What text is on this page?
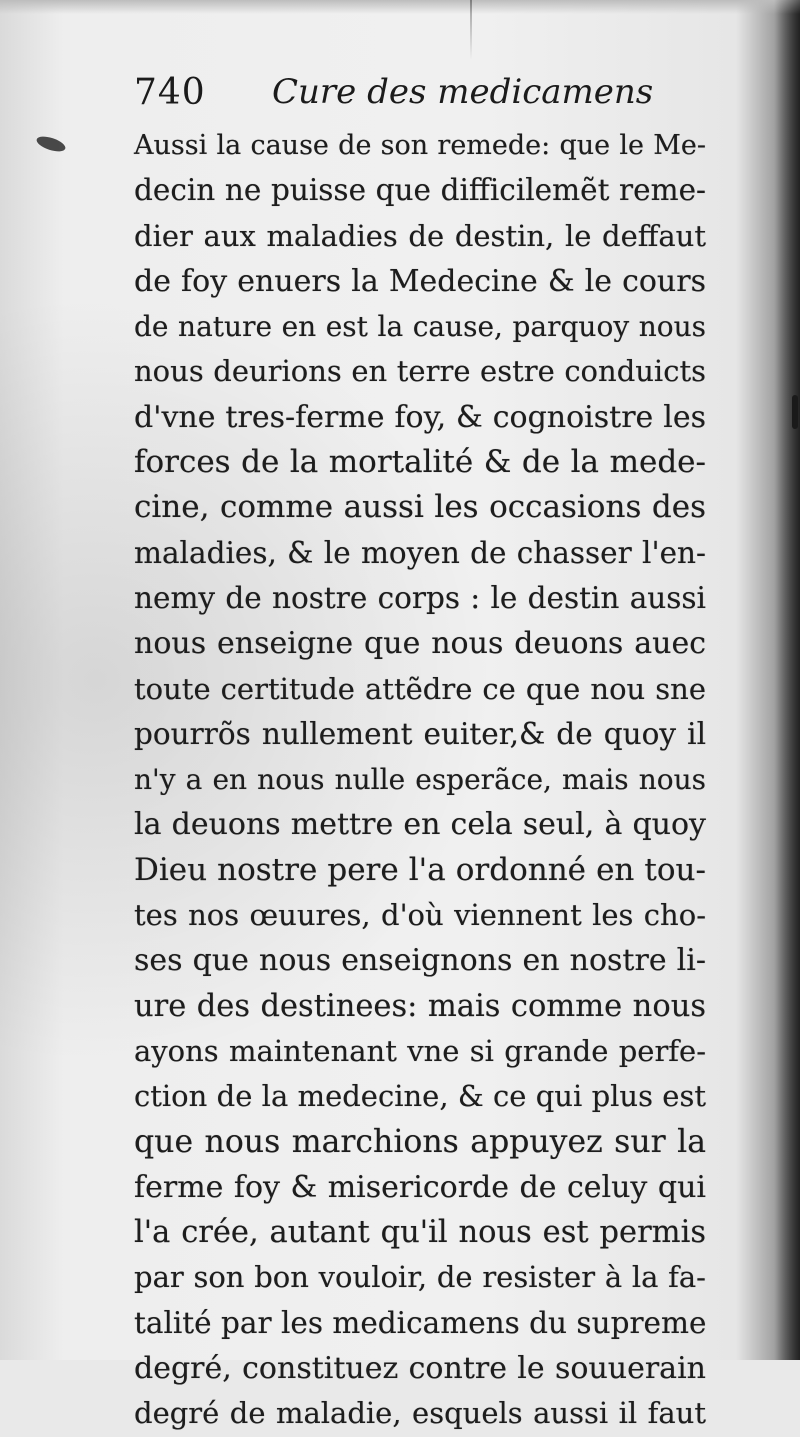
740 Cure des medicamens
Aussi la cause de son remede: que le Me-
decin ne puisse que difficilemẽt reme-
dier aux maladies de destin, le deffaut
de foy enuers la Medecine & le cours
de nature en est la cause, parquoy nous
nous deurions en terre estre conduicts
d'vne tres-ferme foy, & cognoistre les
forces de la mortalité & de la mede-
cine, comme aussi les occasions des
maladies, & le moyen de chasser l'en-
nemy de nostre corps : le destin aussi
nous enseigne que nous deuons auec
toute certitude attẽdre ce que nou sne
pourrõs nullement euiter,& de quoy il
n'y a en nous nulle esperãce, mais nous
la deuons mettre en cela seul, à quoy
Dieu nostre pere l'a ordonné en tou-
tes nos œuures, d'où viennent les cho-
ses que nous enseignons en nostre li-
ure des destinees: mais comme nous
ayons maintenant vne si grande perfe-
ction de la medecine, & ce qui plus est
que nous marchions appuyez sur la
ferme foy & misericorde de celuy qui
l'a crée, autant qu'il nous est permis
par son bon vouloir, de resister à la fa-
talité par les medicamens du supreme
degré, constituez contre le souuerain
degré de maladie, esquels aussi il faut
